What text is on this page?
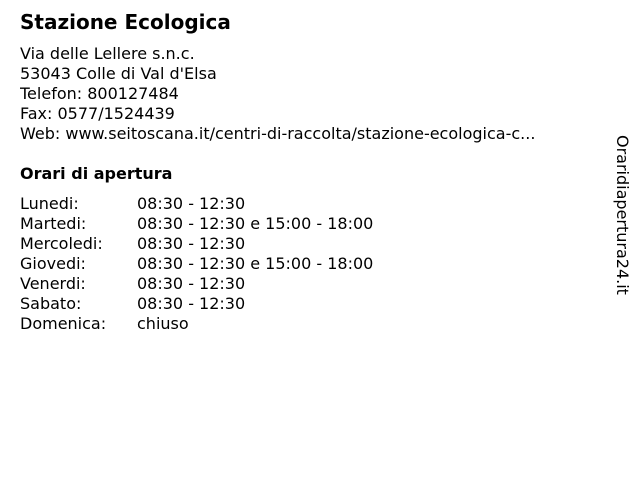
Stazione Ecologica
Via delle Lellere s.n.c.
53043 Colle di Val d'Elsa
Telefon: 800127484
Fax: 0577/1524439
Web: www.seitoscana.it/centri-di-raccolta/stazione-ecologica-c...
Orari di apertura
Lunedi:	08:30 - 12:30
Martedi:	08:30 - 12:30 e 15:00 - 18:00
Mercoledi:	08:30 - 12:30
Giovedi:	08:30 - 12:30 e 15:00 - 18:00
Venerdi:	08:30 - 12:30
Sabato:	08:30 - 12:30
Domenica:	chiuso
Oraridiapertura24.it
